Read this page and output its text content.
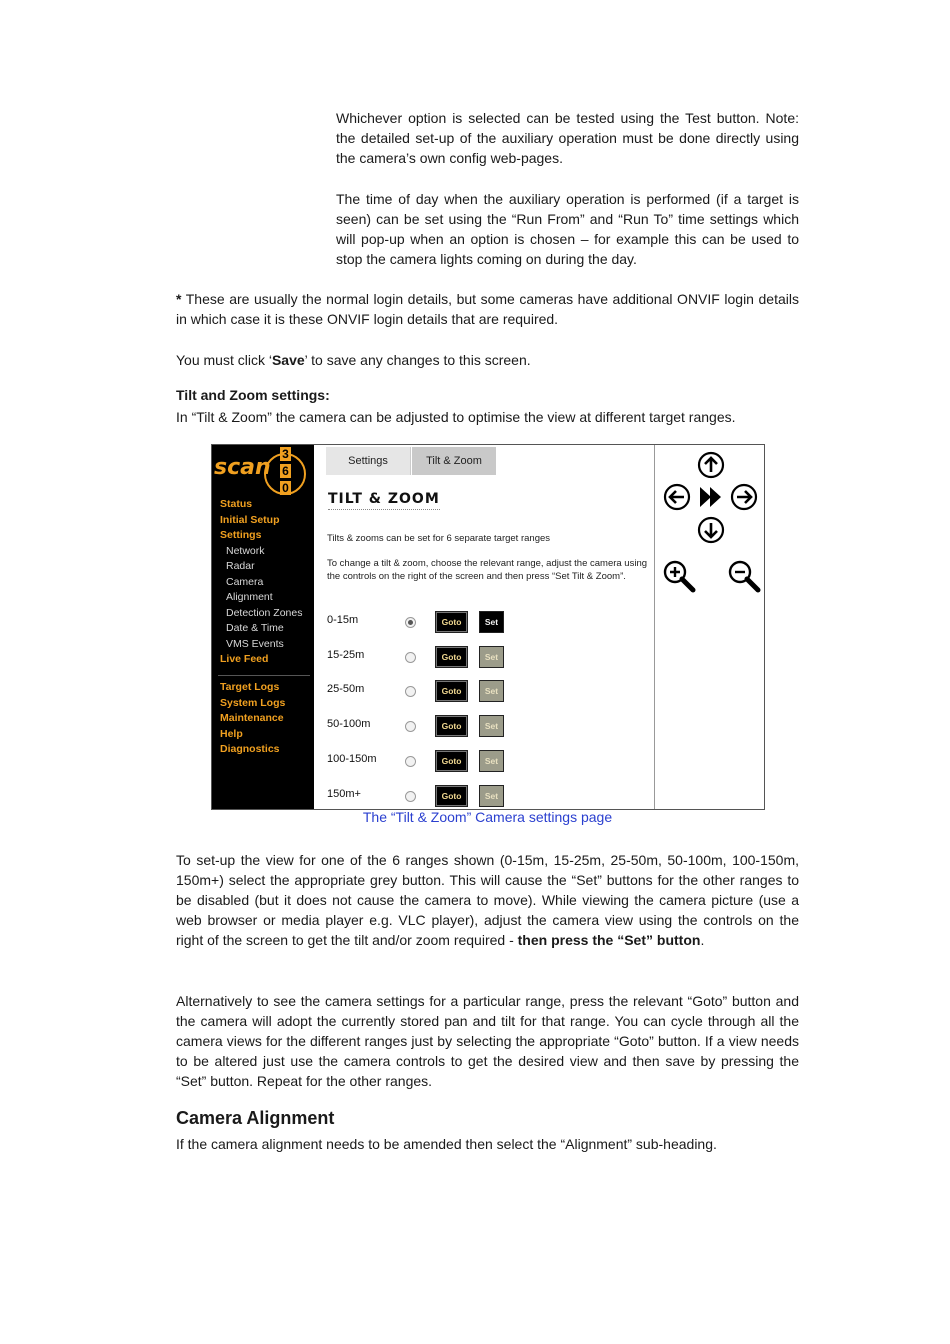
Whichever option is selected can be tested using the Test button. Note: the detailed set-up of the auxiliary operation must be done directly using the camera’s own config web-pages.

The time of day when the auxiliary operation is performed (if a target is seen) can be set using the “Run From” and “Run To” time settings which will pop-up when an option is chosen – for example this can be used to stop the camera lights coming on during the day.

* These are usually the normal login details, but some cameras have additional ONVIF login details in which case it is these ONVIF login details that are required.

You must click ‘Save’ to save any changes to this screen.

Tilt and Zoom settings:

In “Tilt & Zoom” the camera can be adjusted to optimise the view at different target ranges.

scan
3
6
0
Status
Initial Setup
Settings
Network
Radar
Camera
Alignment
Detection Zones
Date & Time
VMS Events
Live Feed
Target Logs
System Logs
Maintenance
Help
Diagnostics
Settings	Tilt & Zoom
TILT & ZOOM
Tilts & zooms can be set for 6 separate target ranges
To change a tilt & zoom, choose the relevant range, adjust the camera using the controls on the right of the screen and then press “Set Tilt & Zoom”.
0-15m	Goto	Set
15-25m	Goto	Set
25-50m	Goto	Set
50-100m	Goto	Set
100-150m	Goto	Set
150m+	Goto	Set
The “Tilt & Zoom” Camera settings page

To set-up the view for one of the 6 ranges shown (0-15m, 15-25m, 25-50m, 50-100m, 100-150m, 150m+) select the appropriate grey button. This will cause the “Set” buttons for the other ranges to be disabled (but it does not cause the camera to move). While viewing the camera picture (use a web browser or media player e.g. VLC player), adjust the camera view using the controls on the right of the screen to get the tilt and/or zoom required - then press the “Set” button.

Alternatively to see the camera settings for a particular range, press the relevant “Goto” button and the camera will adopt the currently stored pan and tilt for that range. You can cycle through all the camera views for the different ranges just by selecting the appropriate “Goto” button. If a view needs to be altered just use the camera controls to get the desired view and then save by pressing the “Set” button. Repeat for the other ranges.

Camera Alignment

If the camera alignment needs to be amended then select the “Alignment” sub-heading.
